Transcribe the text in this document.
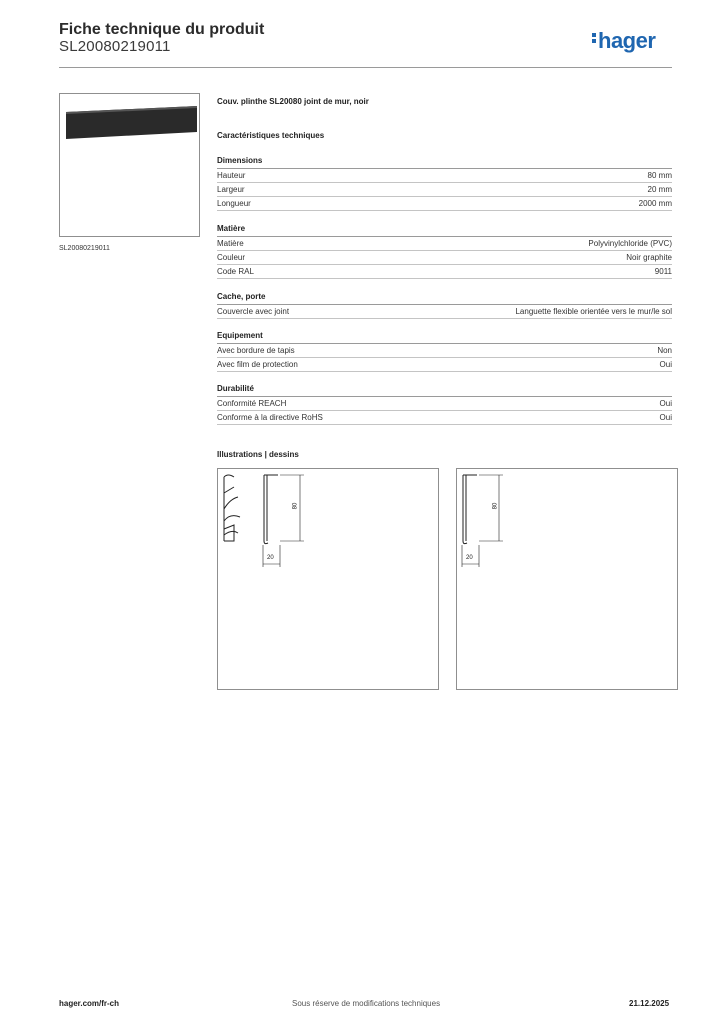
Fiche technique du produit
SL20080219011	hager
SL20080219011
Couv. plinthe SL20080 joint de mur, noir
Caractéristiques techniques
Dimensions
Hauteur	80 mm
Largeur	20 mm
Longueur	2000 mm
Matière
Matière	Polyvinylchloride (PVC)
Couleur	Noir graphite
Code RAL	9011
Cache, porte
Couvercle avec joint	Languette flexible orientée vers le mur/le sol
Equipement
Avec bordure de tapis	Non
Avec film de protection	Oui
Durabilité
Conformité REACH	Oui
Conforme à la directive RoHS	Oui
Illustrations | dessins
80
20
80
20
hager.com/fr-ch	Sous réserve de modifications techniques	21.12.2025
